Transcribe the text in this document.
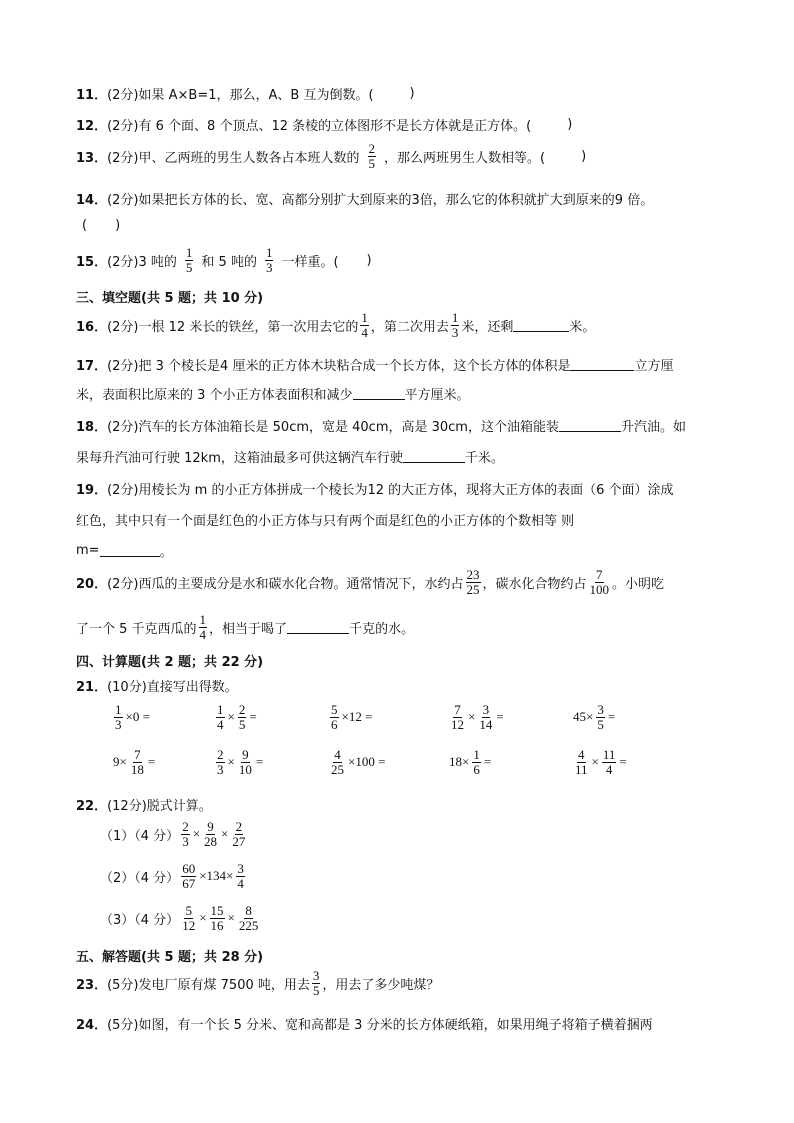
11． (2分) 如果 A×B=1，那么，A、B 互为倒数。(	)
12． (2分) 有 6 个面、8 个顶点、12 条棱的立体图形不是长方体就是正方体。(	)
13． (2分) 甲、乙两班的男生人数各占本班人数的 $\frac{2}{5}$ ，那么两班男生人数相等。(	)
14． (2分) 如果把长方体的长、宽、高都分别扩大到原来的3倍，那么它的体积就扩大到原来的9 倍。
( )
15． (2分) 3 吨的 $\frac{1}{5}$ 和 5 吨的 $\frac{1}{3}$ 一样重。( )
三、填空题(共 5 题；共 10 分)
16． (2分) 一根 12 米长的铁丝，第一次用去它的 $\frac{1}{4}$ ，第二次用去 $\frac{1}{3}$ 米，还剩	米。
17． (2分) 把 3 个棱长是4 厘米的正方体木块粘合成一个长方体，这个长方体的体积是	立方厘
米，表面积比原来的 3 个小正方体表面积和减少	平方厘米。
18． (2分) 汽车的长方体油箱长是 50cm，宽是 40cm，高是 30cm，这个油箱能装	升汽油。如
果每升汽油可行驶 12km，这箱油最多可供这辆汽车行驶	千米。
19． (2分) 用棱长为 m 的小正方体拼成一个棱长为12 的大正方体，现将大正方体的表面（6 个面）涂成
红色，其中只有一个面是红色的小正方体与只有两个面是红色的小正方体的个数相等 则
m=	。
20． (2分) 西瓜的主要成分是水和碳水化合物。通常情况下，水约占 $\frac{23}{25}$ ，碳水化合物约占 $\frac{7}{100}$ 。小明吃
了一个 5 千克西瓜的 $\frac{1}{4}$ ，相当于喝了	千克的水。
四、计算题(共 2 题；共 22 分)
21． (10分) 直接写出得数。
$\frac{1}{3} \times 0$ =	$\frac{1}{4} \times \frac{2}{5}$ =	$\frac{5}{6} \times 12$ =	$\frac{7}{12} \times \frac{3}{14}$ =	$45\times \frac{3}{5}$ =
$9\times \frac{7}{18}$ =	$\frac{2}{3} \times \frac{9}{10}$ =	$\frac{4}{25} \times 100$ =	$18\times \frac{1}{6}$ =	$\frac{4}{11} \times \frac{11}{4}$ =
22． (12分) 脱式计算。
（1）（4 分） $\frac{2}{3} \times \frac{9}{28} \times \frac{2}{27}$
（2）（4 分） $\frac{60}{67} \times 134\times \frac{3}{4}$
（3）（4 分） $\frac{5}{12} \times \frac{15}{16} \times \frac{8}{225}$
五、解答题(共 5 题；共 28 分)
23． (5分) 发电厂原有煤 7500 吨，用去 $\frac{3}{5}$ ，用去了多少吨煤？
24． (5分) 如图，有一个长 5 分米、宽和高都是 3 分米的长方体硬纸箱，如果用绳子将箱子横着捆两
